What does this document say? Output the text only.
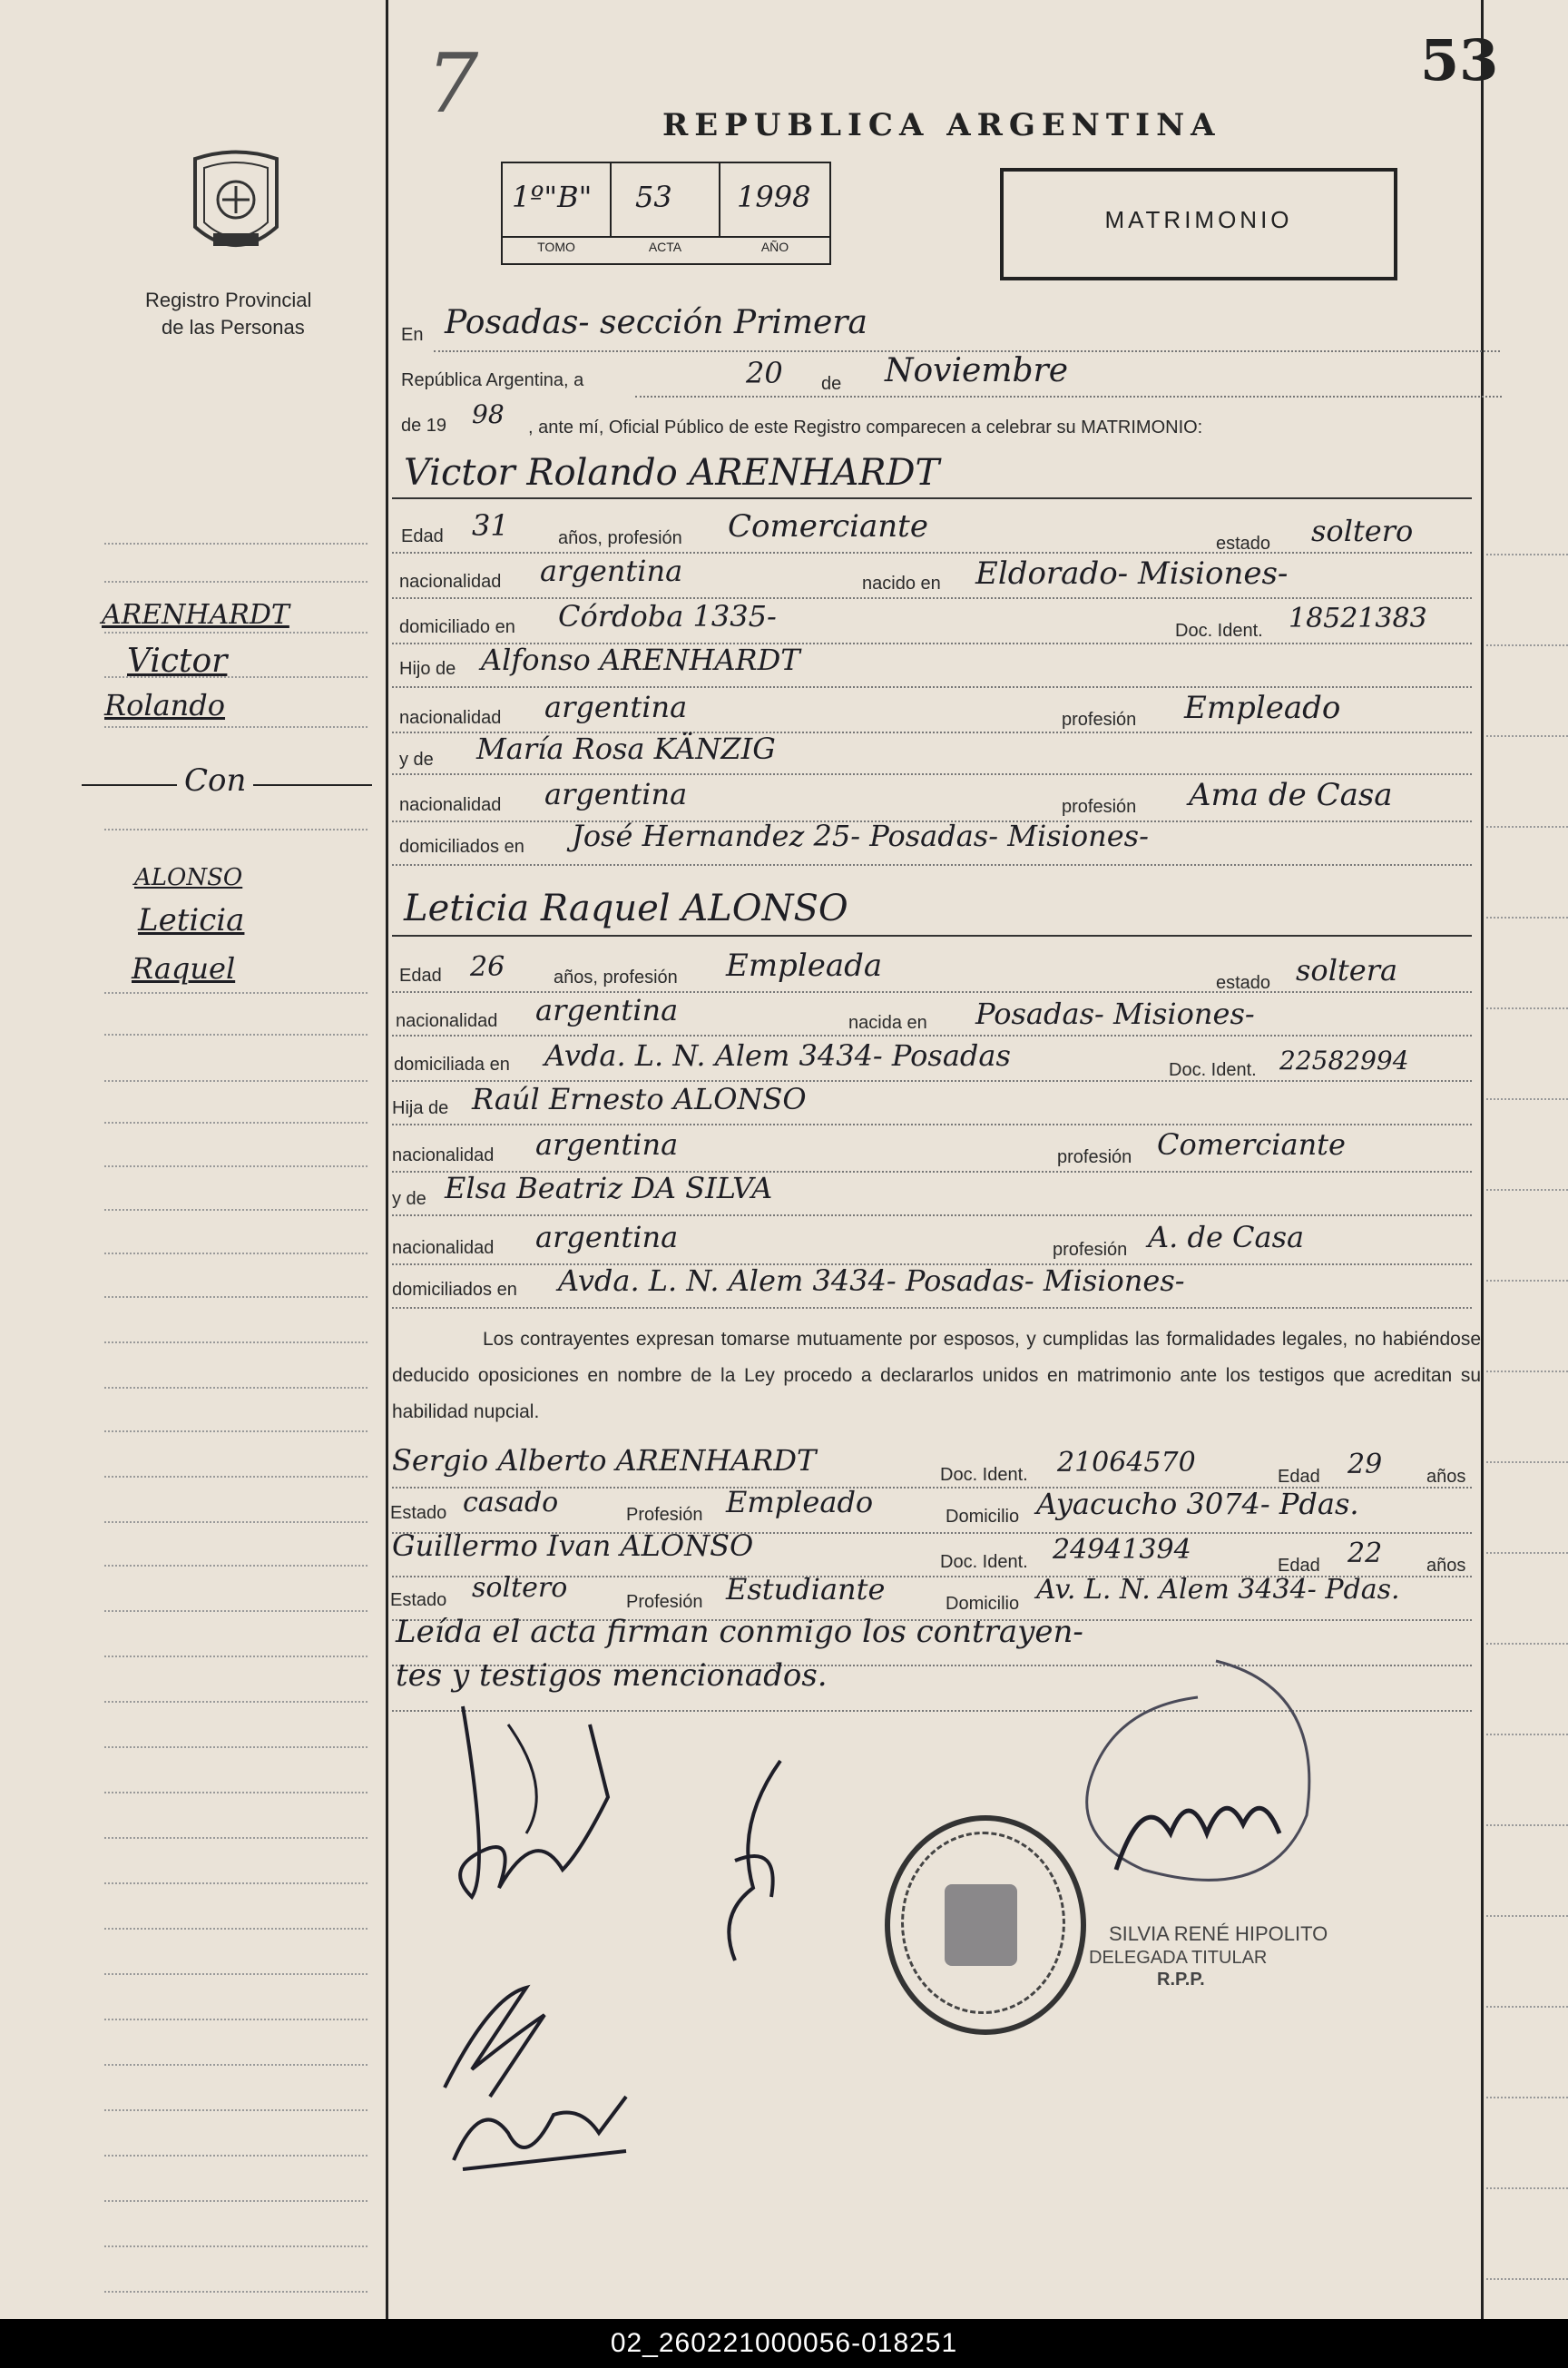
53
7
Registro Provincial
de las Personas
REPUBLICA ARGENTINA
1º"B" 53 1998
TOMO	ACTA	AÑO
MATRIMONIO
En Posadas- sección Primera
República Argentina, a	20 de Noviembre
de 19 98 , ante mí, Oficial Público de este Registro comparecen a celebrar su MATRIMONIO:
Victor Rolando ARENHARDT
Edad 31	años, profesión Comerciante	estado soltero
nacionalidad argentina	nacido en Eldorado- Misiones-
domiciliado en Córdoba 1335-	Doc. Ident. 18521383
Hijo de Alfonso ARENHARDT
nacionalidad argentina	profesión Empleado
y de María Rosa KÄNZIG
nacionalidad argentina	profesión Ama de Casa
domiciliados en José Hernandez 25- Posadas- Misiones-
Leticia Raquel ALONSO
Edad 26	años, profesión Empleada	estado soltera
nacionalidad argentina	nacida en Posadas- Misiones-
domiciliada en Avda. L. N. Alem 3434- Posadas	Doc. Ident. 22582994
Hija de Raúl Ernesto ALONSO
nacionalidad argentina	profesión Comerciante
y de Elsa Beatriz DA SILVA
nacionalidad argentina	profesión A. de Casa
domiciliados en Avda. L. N. Alem 3434- Posadas- Misiones-
Los contrayentes expresan tomarse mutuamente por esposos, y cumplidas las formalidades legales, no habiéndose deducido oposiciones en nombre de la Ley procedo a declararlos unidos en matrimonio ante los testigos que acreditan su habilidad nupcial.
Sergio Alberto ARENHARDT	Doc. Ident. 21064570	Edad 29 años
Estado casado	Profesión Empleado	Domicilio Ayacucho 3074- Pdas.
Guillermo Ivan ALONSO	Doc. Ident. 24941394	Edad 22 años
Estado soltero	Profesión Estudiante	Domicilio Av. L. N. Alem 3434- Pdas.
Leída el acta firman conmigo los contrayen-
tes y testigos mencionados.
SILVIA RENÉ HIPOLITO
DELEGADA TITULAR
R.P.P.
ARENHARDT
Victor
Rolando
Con
ALONSO
Leticia
Raquel
02_260221000056-018251
